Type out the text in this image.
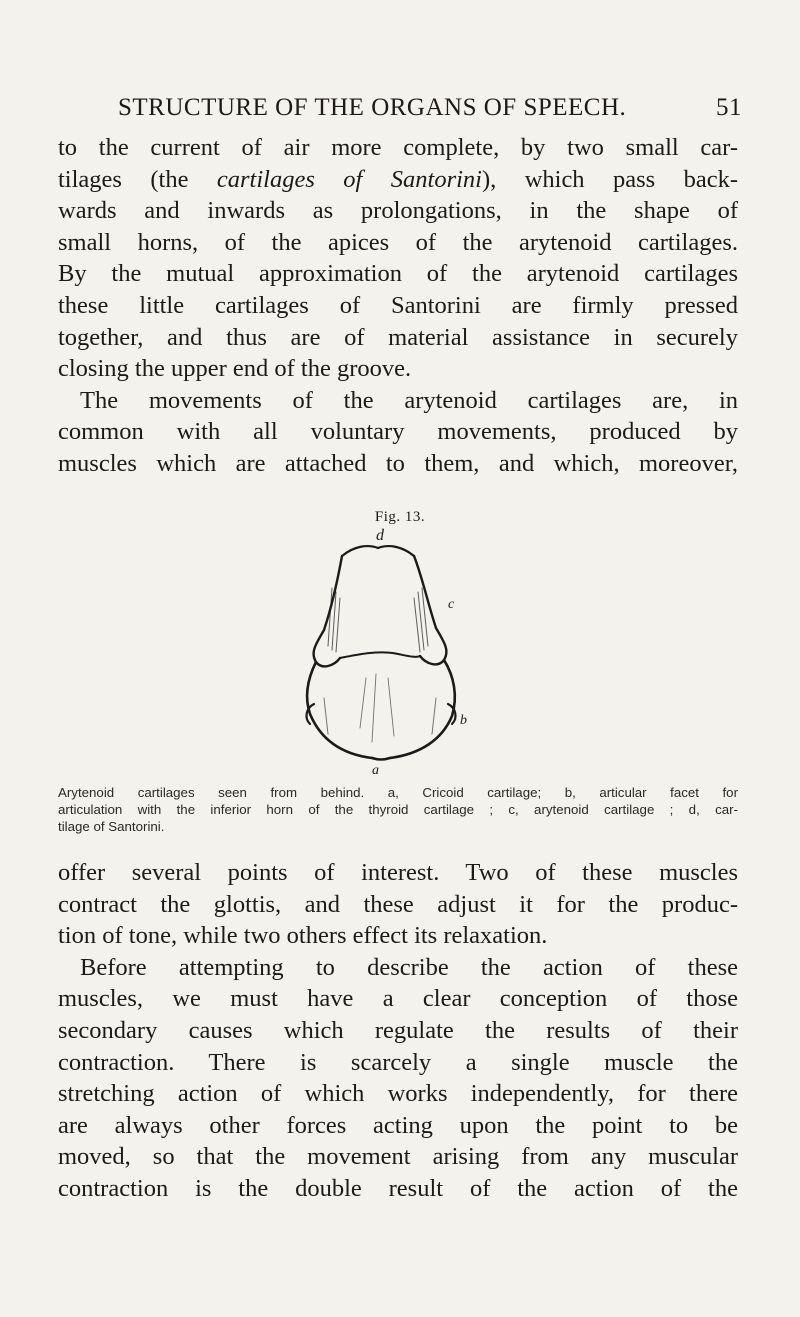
STRUCTURE OF THE ORGANS OF SPEECH.	51
to the current of air more complete, by two small car-
tilages (the cartilages of Santorini), which pass back-
wards and inwards as prolongations, in the shape of
small horns, of the apices of the arytenoid cartilages.
By the mutual approximation of the arytenoid cartilages
these little cartilages of Santorini are firmly pressed
together, and thus are of material assistance in securely
closing the upper end of the groove.
The movements of the arytenoid cartilages are, in
common with all voluntary movements, produced by
muscles which are attached to them, and which, moreover,
Fig. 13.
d
c
b
a
Arytenoid cartilages seen from behind. a, Cricoid cartilage; b, articular facet for
articulation with the inferior horn of the thyroid cartilage ; c, arytenoid cartilage ; d, car-
tilage of Santorini.
offer several points of interest. Two of these muscles
contract the glottis, and these adjust it for the produc-
tion of tone, while two others effect its relaxation.
Before attempting to describe the action of these
muscles, we must have a clear conception of those
secondary causes which regulate the results of their
contraction. There is scarcely a single muscle the
stretching action of which works independently, for there
are always other forces acting upon the point to be
moved, so that the movement arising from any muscular
contraction is the double result of the action of the
